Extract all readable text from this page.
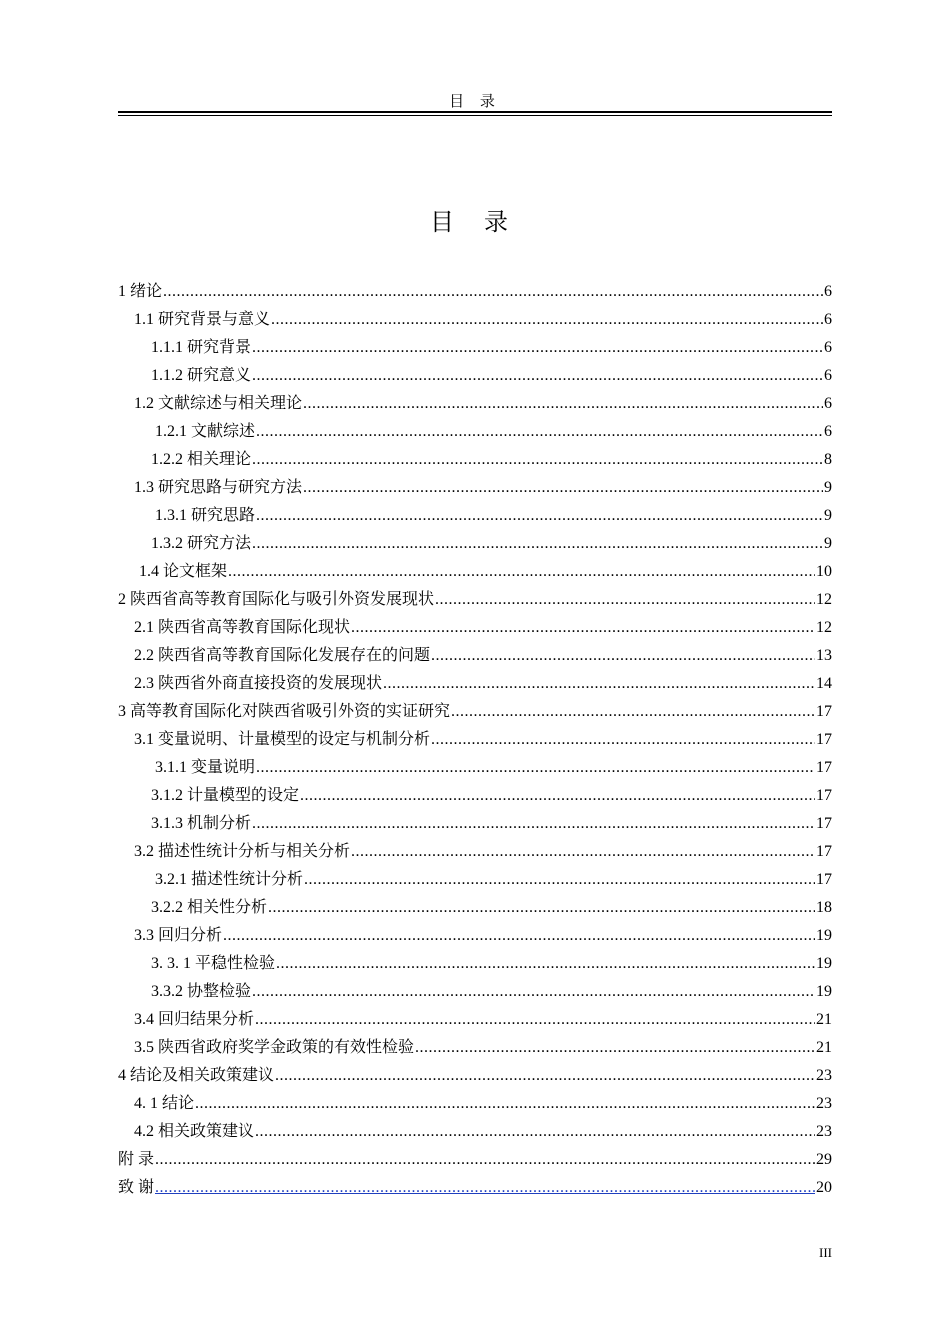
目 录
目 录
1 绪论 .....	6
1.1 研究背景与意义 .....	6
1.1.1 研究背景 .....	6
1.1.2 研究意义 .....	6
1.2 文献综述与相关理论 .....	6
1.2.1 文献综述 .....	6
1.2.2 相关理论 .....	8
1.3 研究思路与研究方法 .....	9
1.3.1 研究思路 .....	9
1.3.2 研究方法 .....	9
1.4 论文框架 .....	10
2 陕西省高等教育国际化与吸引外资发展现状 .....	12
2.1 陕西省高等教育国际化现状 .....	12
2.2 陕西省高等教育国际化发展存在的问题 .....	13
2.3 陕西省外商直接投资的发展现状 .....	14
3 高等教育国际化对陕西省吸引外资的实证研究 .....	17
3.1 变量说明、计量模型的设定与机制分析 .....	17
3.1.1 变量说明 .....	17
3.1.2 计量模型的设定 .....	17
3.1.3 机制分析 .....	17
3.2 描述性统计分析与相关分析 .....	17
3.2.1 描述性统计分析 .....	17
3.2.2 相关性分析 .....	18
3.3 回归分析 .....	19
3. 3. 1 平稳性检验 .....	19
3.3.2 协整检验 .....	19
3.4 回归结果分析 .....	21
3.5 陕西省政府奖学金政策的有效性检验 .....	21
4 结论及相关政策建议 .....	23
4. 1 结论 .....	23
4.2 相关政策建议 .....	23
附 录 .....	29
致 谢 .....	20
III
